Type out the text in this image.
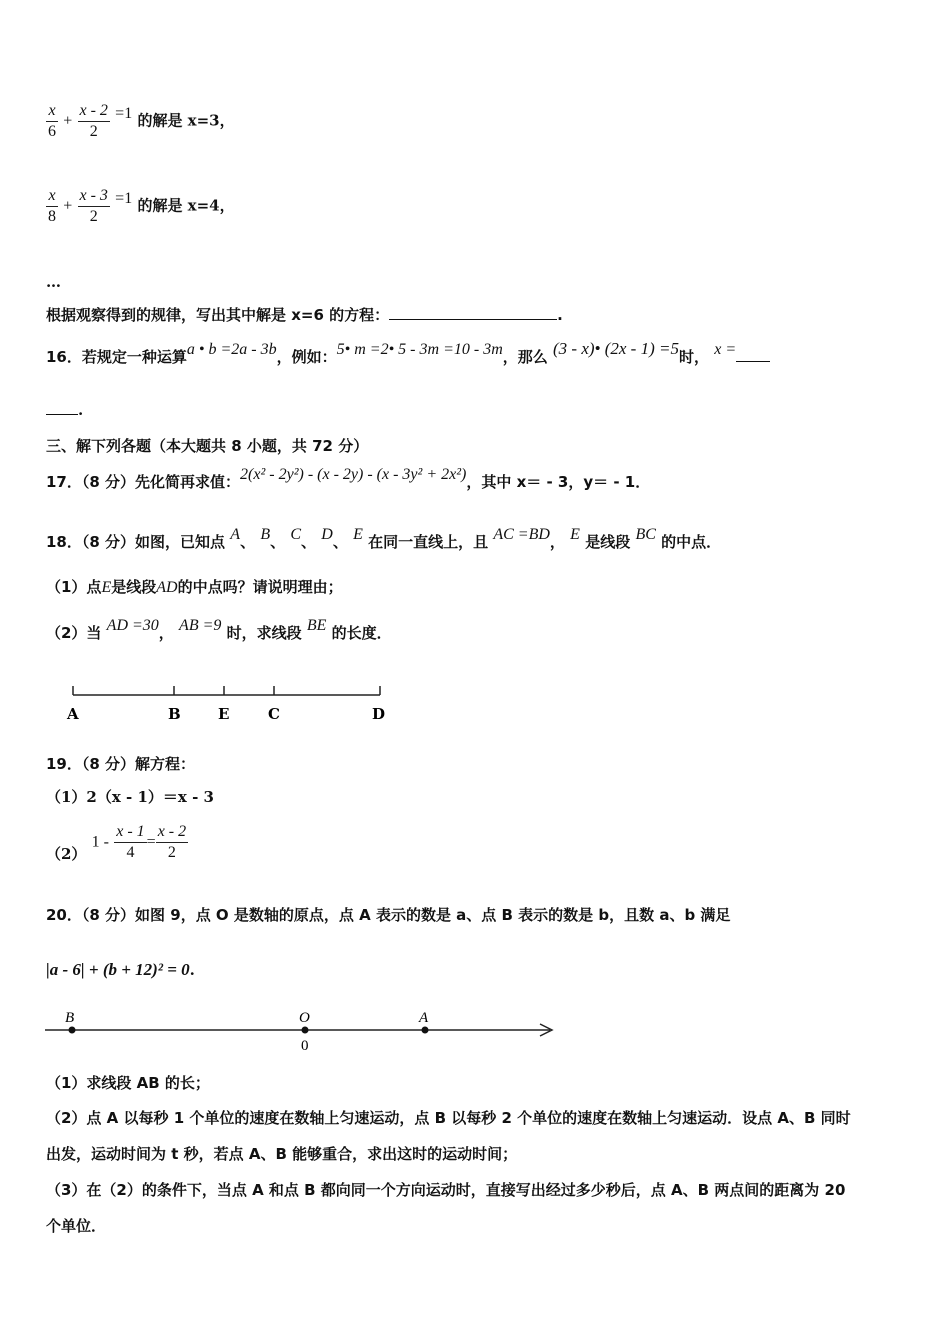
$\frac{x}{6} + \frac{x - 2}{2} =1$ 的解是 x=3，
$\frac{x}{8} + \frac{x - 3}{2} =1$ 的解是 x=4，
…
根据观察得到的规律，写出其中解是 x=6 的方程：	.
16．若规定一种运算a • b =2a - 3b，例如：5• m =2• 5 - 3m =10 - 3m，那么 (3 - x)• (2x - 1) =5时， x =
.
三、解下列各题（本大题共 8 小题，共 72 分）
17．（8 分）先化简再求值：2(x² - 2y²) - (x - 2y) - (x - 3y² + 2x²)，其中 x＝ - 3，y＝ - 1．
18．（8 分）如图，已知点 A、 B、 C、 D、 E 在同一直线上，且 AC =BD， E 是线段 BC 的中点．
（1）点E是线段AD的中点吗？请说明理由；
（2）当 AD =30， AB =9 时，求线段 BE 的长度．
A	B E	C	D
19．（8 分）解方程：
（1）2（x - 1）＝x - 3
（2） $1 - \frac{x - 1}{4} = \frac{x - 2}{2}$
20．（8 分）如图 9，点 O 是数轴的原点，点 A 表示的数是 a、点 B 表示的数是 b，且数 a、b 满足
|a - 6| + (b + 12)² = 0.
B	O	A
0
（1）求线段 AB 的长；
（2）点 A 以每秒 1 个单位的速度在数轴上匀速运动，点 B 以每秒 2 个单位的速度在数轴上匀速运动．设点 A、B 同时
出发，运动时间为 t 秒，若点 A、B 能够重合，求出这时的运动时间；
（3）在（2）的条件下，当点 A 和点 B 都向同一个方向运动时，直接写出经过多少秒后，点 A、B 两点间的距离为 20
个单位．
